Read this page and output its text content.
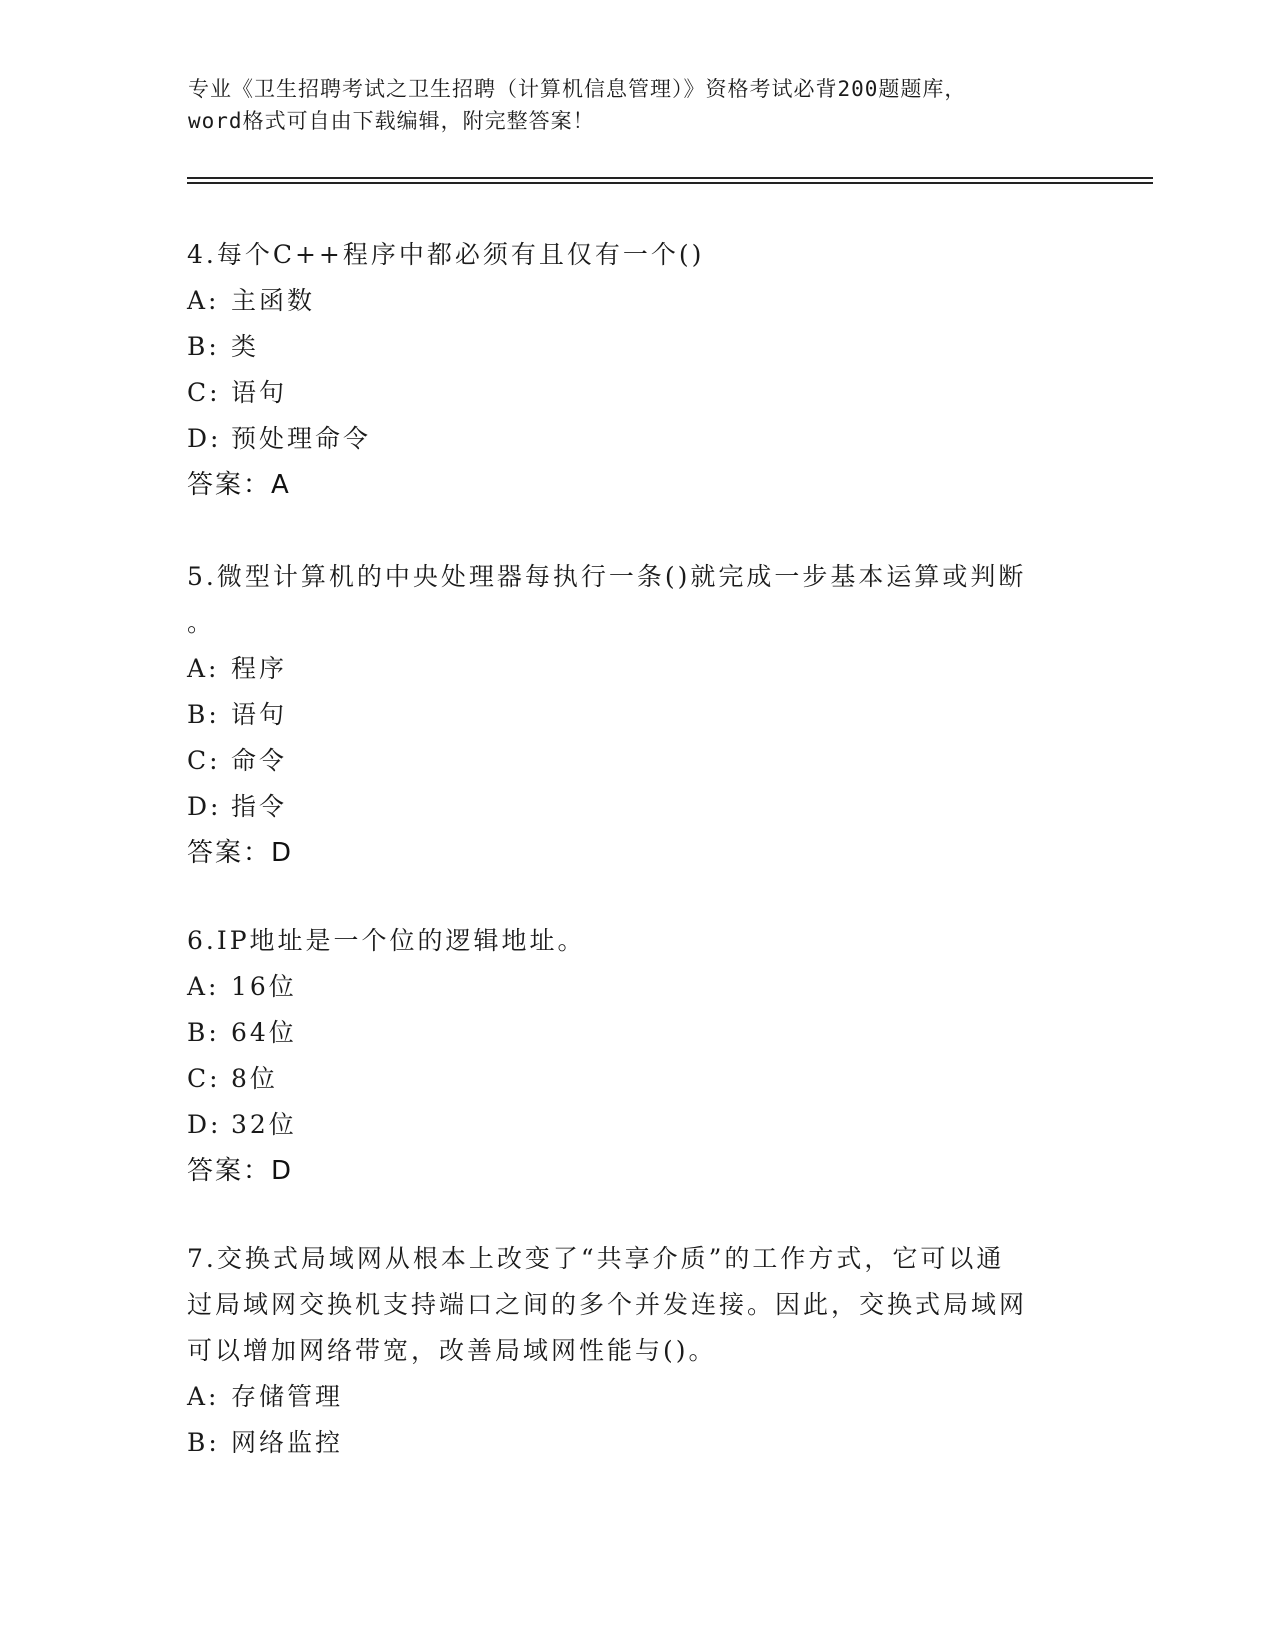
专业《卫生招聘考试之卫生招聘（计算机信息管理）》资格考试必背200题题库，
word格式可自由下载编辑，附完整答案！
4.每个C++程序中都必须有且仅有一个()
A: 主函数
B: 类
C: 语句
D: 预处理命令
答案：A
5.微型计算机的中央处理器每执行一条()就完成一步基本运算或判断
。
A: 程序
B: 语句
C: 命令
D: 指令
答案：D
6.IP地址是一个位的逻辑地址。
A: 16位
B: 64位
C: 8位
D: 32位
答案：D
7.交换式局域网从根本上改变了“共享介质”的工作方式，它可以通
过局域网交换机支持端口之间的多个并发连接。因此，交换式局域网
可以增加网络带宽，改善局域网性能与()。
A: 存储管理
B: 网络监控
